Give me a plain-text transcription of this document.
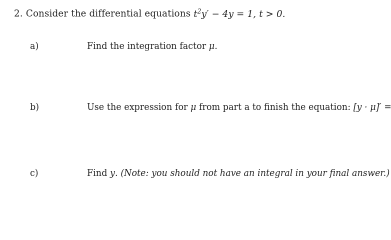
2. Consider the differential equations $t^2y' - 4y = 1$, t > 0.
a)	Find the integration factor μ.
b)	Use the expression for μ from part a to finish the equation: [y · μ]′ =
c)	Find y. (Note: you should not have an integral in your final answer.)
